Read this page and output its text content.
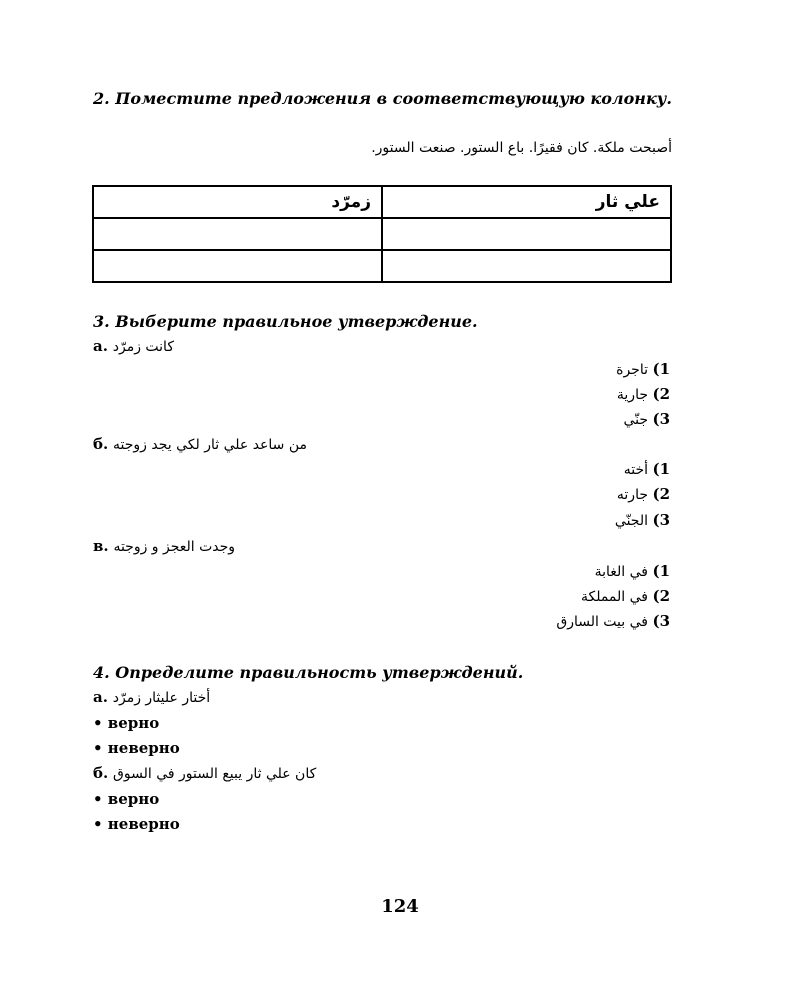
2. Поместите предложения в соответствующую колонку.
أصبحت ملكة. كان فقيرًا. باع الستور. صنعت الستور.
علي ثار	زمرّد

3. Выберите правильное утверждение.
а. كانت زمرّد
1) تاجرة
2) جارية
3) جنّي
б. من ساعد علي ثار لكي يجد زوجته
1) أخته
2) جارته
3) الجنّي
в. وجدت العجز و زوجته
1) في الغابة
2) في المملكة
3) في بيت السارق
4. Определите правильность утверждений.
а. أختار عليثار زمرّد
• верно
• неверно
б. كان علي ثار يبيع الستور في السوق
• верно
• неверно
124
